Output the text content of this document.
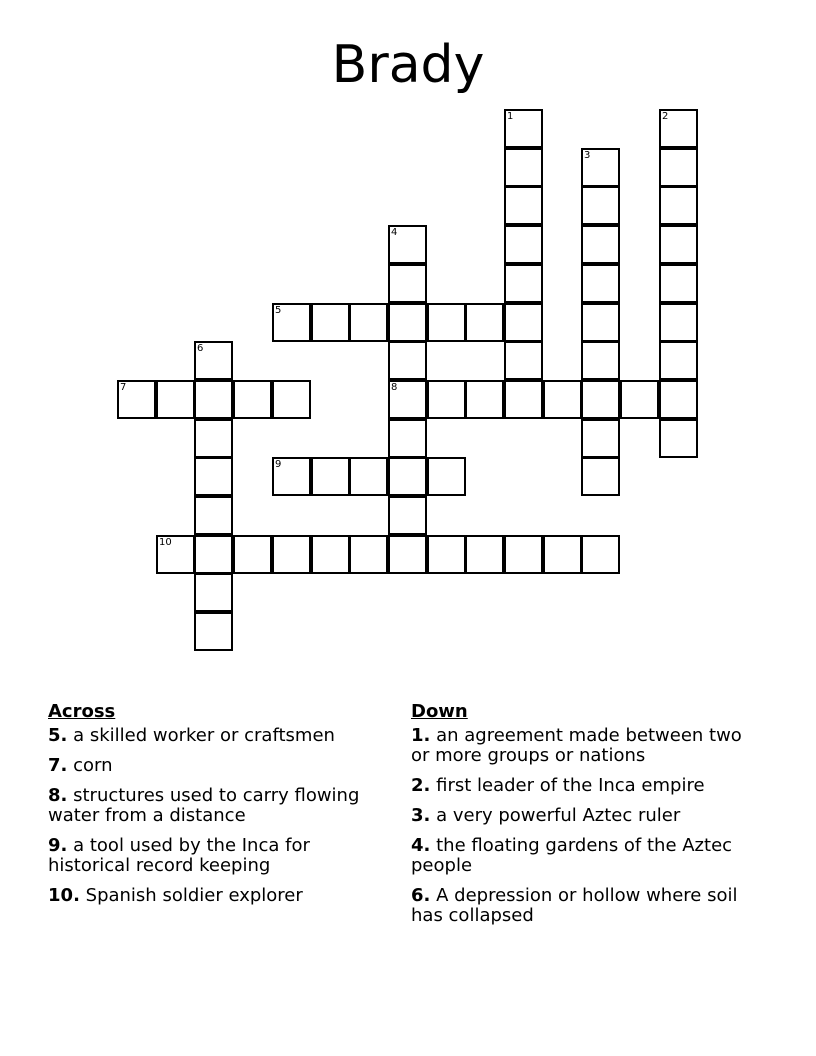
Brady
1	2
3
4
5
6
7	8
9
10
Across
5. a skilled worker or craftsmen
7. corn
8. structures used to carry flowing water from a distance
9. a tool used by the Inca for historical record keeping
10. Spanish soldier explorer
Down
1. an agreement made between two or more groups or nations
2. first leader of the Inca empire
3. a very powerful Aztec ruler
4. the floating gardens of the Aztec people
6. A depression or hollow where soil has collapsed
